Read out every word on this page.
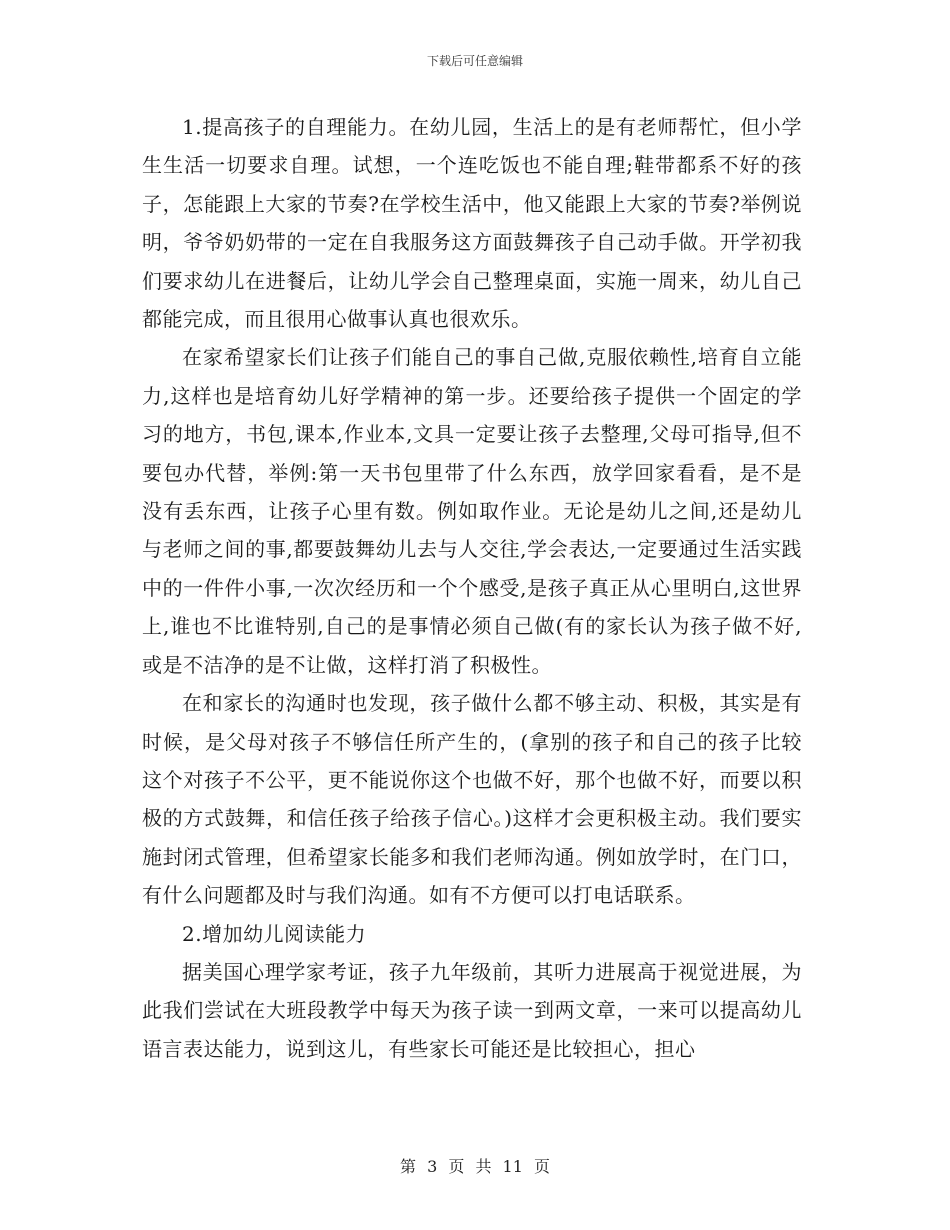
下载后可任意编辑

1.提高孩子的自理能力。在幼儿园，生活上的是有老师帮忙，但小学生生活一切要求自理。试想，一个连吃饭也不能自理;鞋带都系不好的孩子，怎能跟上大家的节奏?在学校生活中，他又能跟上大家的节奏?举例说明，爷爷奶奶带的一定在自我服务这方面鼓舞孩子自己动手做。开学初我们要求幼儿在进餐后，让幼儿学会自己整理桌面，实施一周来，幼儿自己都能完成，而且很用心做事认真也很欢乐。

在家希望家长们让孩子们能自己的事自己做,克服依赖性,培育自立能力,这样也是培育幼儿好学精神的第一步。还要给孩子提供一个固定的学习的地方，书包,课本,作业本,文具一定要让孩子去整理,父母可指导,但不要包办代替，举例:第一天书包里带了什么东西，放学回家看看，是不是没有丢东西，让孩子心里有数。例如取作业。无论是幼儿之间,还是幼儿与老师之间的事,都要鼓舞幼儿去与人交往,学会表达,一定要通过生活实践中的一件件小事,一次次经历和一个个感受,是孩子真正从心里明白,这世界上,谁也不比谁特别,自己的是事情必须自己做(有的家长认为孩子做不好,或是不洁净的是不让做，这样打消了积极性。

在和家长的沟通时也发现，孩子做什么都不够主动、积极，其实是有时候，是父母对孩子不够信任所产生的，(拿别的孩子和自己的孩子比较这个对孩子不公平，更不能说你这个也做不好，那个也做不好，而要以积极的方式鼓舞，和信任孩子给孩子信心。)这样才会更积极主动。我们要实施封闭式管理，但希望家长能多和我们老师沟通。例如放学时，在门口，有什么问题都及时与我们沟通。如有不方便可以打电话联系。

2.增加幼儿阅读能力

据美国心理学家考证，孩子九年级前，其听力进展高于视觉进展，为此我们尝试在大班段教学中每天为孩子读一到两文章，一来可以提高幼儿语言表达能力，说到这儿，有些家长可能还是比较担心，担心

第 3 页 共 11 页
